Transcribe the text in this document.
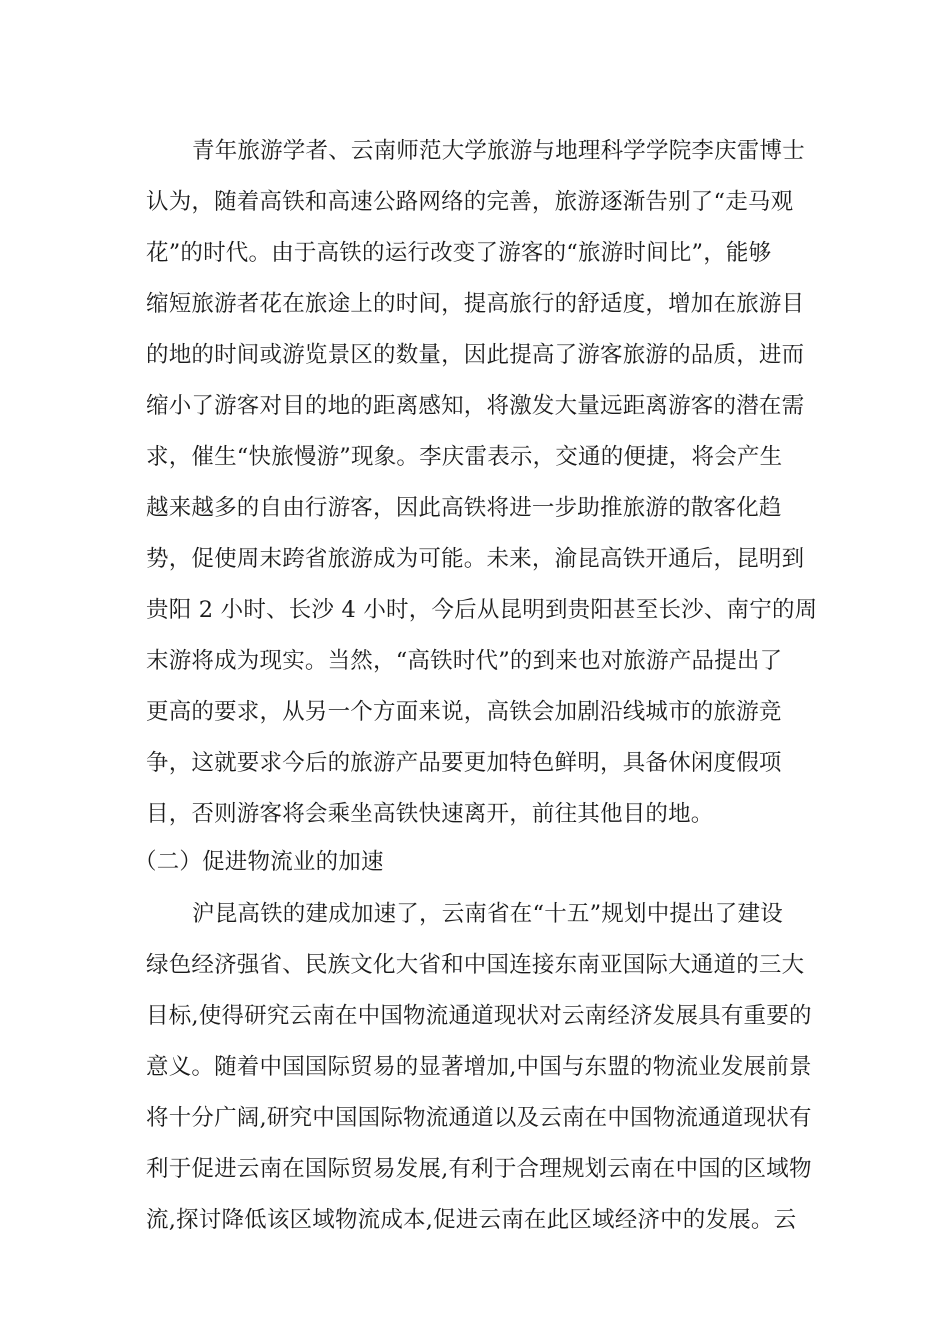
青年旅游学者、云南师范大学旅游与地理科学学院李庆雷博士
认为，随着高铁和高速公路网络的完善，旅游逐渐告别了“走马观
花”的时代。由于高铁的运行改变了游客的“旅游时间比”，能够
缩短旅游者花在旅途上的时间，提高旅行的舒适度，增加在旅游目
的地的时间或游览景区的数量，因此提高了游客旅游的品质，进而
缩小了游客对目的地的距离感知，将激发大量远距离游客的潜在需
求，催生“快旅慢游”现象。李庆雷表示，交通的便捷，将会产生
越来越多的自由行游客，因此高铁将进一步助推旅游的散客化趋
势，促使周末跨省旅游成为可能。未来，渝昆高铁开通后，昆明到
贵阳 2 小时、长沙 4 小时，今后从昆明到贵阳甚至长沙、南宁的周
末游将成为现实。当然，“高铁时代”的到来也对旅游产品提出了
更高的要求，从另一个方面来说，高铁会加剧沿线城市的旅游竞
争，这就要求今后的旅游产品要更加特色鲜明，具备休闲度假项
目，否则游客将会乘坐高铁快速离开，前往其他目的地。
（二）促进物流业的加速
沪昆高铁的建成加速了，云南省在“十五”规划中提出了建设
绿色经济强省、民族文化大省和中国连接东南亚国际大通道的三大
目标,使得研究云南在中国物流通道现状对云南经济发展具有重要的
意义。随着中国国际贸易的显著增加,中国与东盟的物流业发展前景
将十分广阔,研究中国国际物流通道以及云南在中国物流通道现状有
利于促进云南在国际贸易发展,有利于合理规划云南在中国的区域物
流,探讨降低该区域物流成本,促进云南在此区域经济中的发展。云
